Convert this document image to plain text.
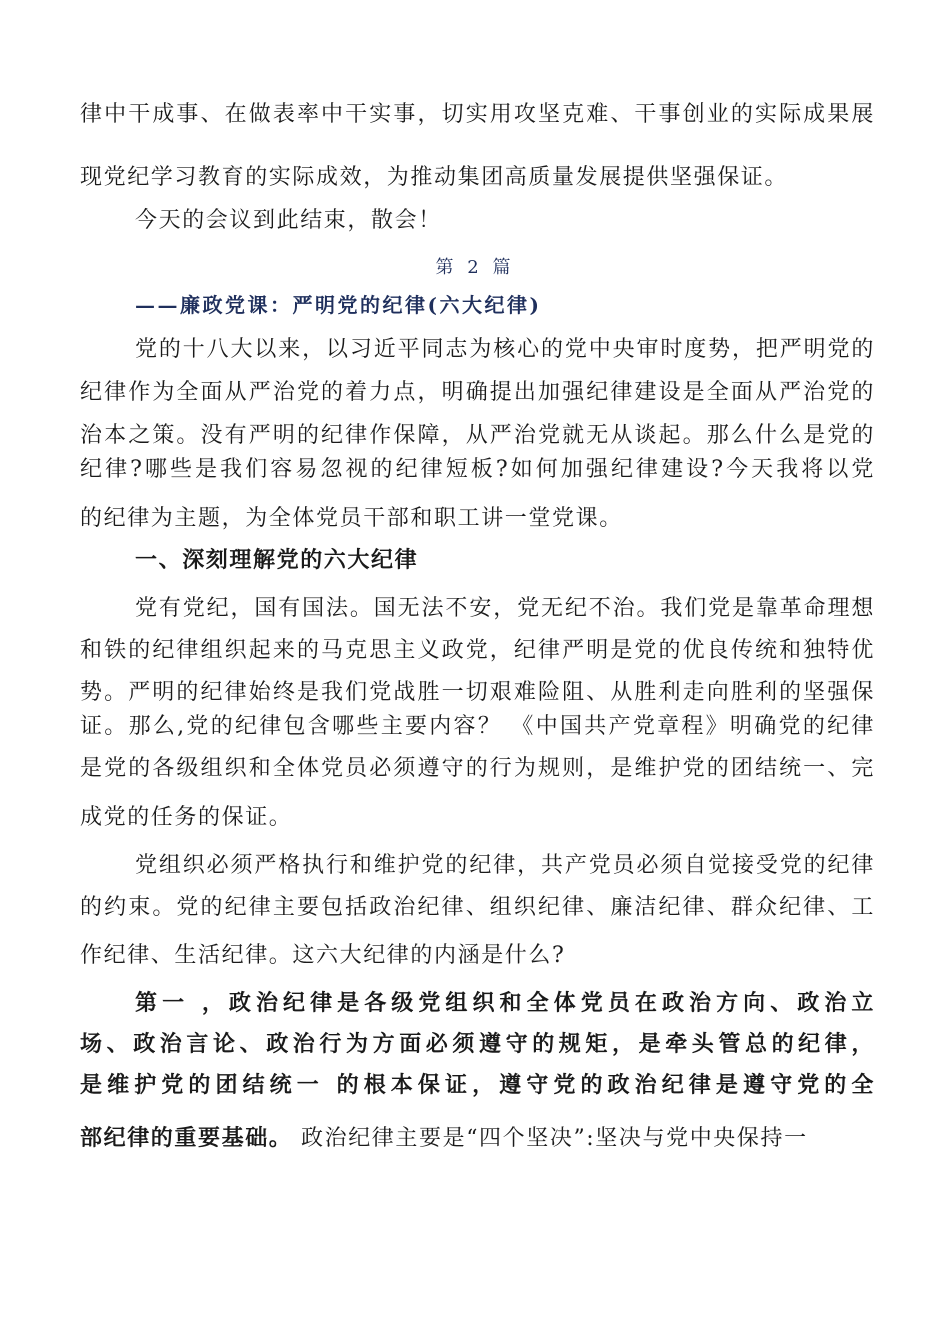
律中干成事、在做表率中干实事，切实用攻坚克难、干事创业的实际成果展
现党纪学习教育的实际成效，为推动集团高质量发展提供坚强保证。
今天的会议到此结束，散会！
第 2 篇
——廉政党课：严明党的纪律(六大纪律)
党的十八大以来，以习近平同志为核心的党中央审时度势，把严明党的
纪律作为全面从严治党的着力点，明确提出加强纪律建设是全面从严治党的
治本之策。没有严明的纪律作保障，从严治党就无从谈起。那么什么是党的
纪律?哪些是我们容易忽视的纪律短板?如何加强纪律建设?今天我将以党
的纪律为主题，为全体党员干部和职工讲一堂党课。
一、深刻理解党的六大纪律
党有党纪，国有国法。国无法不安，党无纪不治。我们党是靠革命理想
和铁的纪律组织起来的马克思主义政党，纪律严明是党的优良传统和独特优
势。严明的纪律始终是我们党战胜一切艰难险阻、从胜利走向胜利的坚强保
证。那么,党的纪律包含哪些主要内容？ 《中国共产党章程》明确党的纪律
是党的各级组织和全体党员必须遵守的行为规则，是维护党的团结统一、完
成党的任务的保证。
党组织必须严格执行和维护党的纪律，共产党员必须自觉接受党的纪律
的约束。党的纪律主要包括政治纪律、组织纪律、廉洁纪律、群众纪律、工
作纪律、生活纪律。这六大纪律的内涵是什么?
第一 ，政治纪律是各级党组织和全体党员在政治方向、政治立
场、政治言论、政治行为方面必须遵守的规矩，是牵头管总的纪律，
是维护党的团结统一 的根本保证，遵守党的政治纪律是遵守党的全
部纪律的重要基础。 政治纪律主要是“四个坚决”:坚决与党中央保持一
